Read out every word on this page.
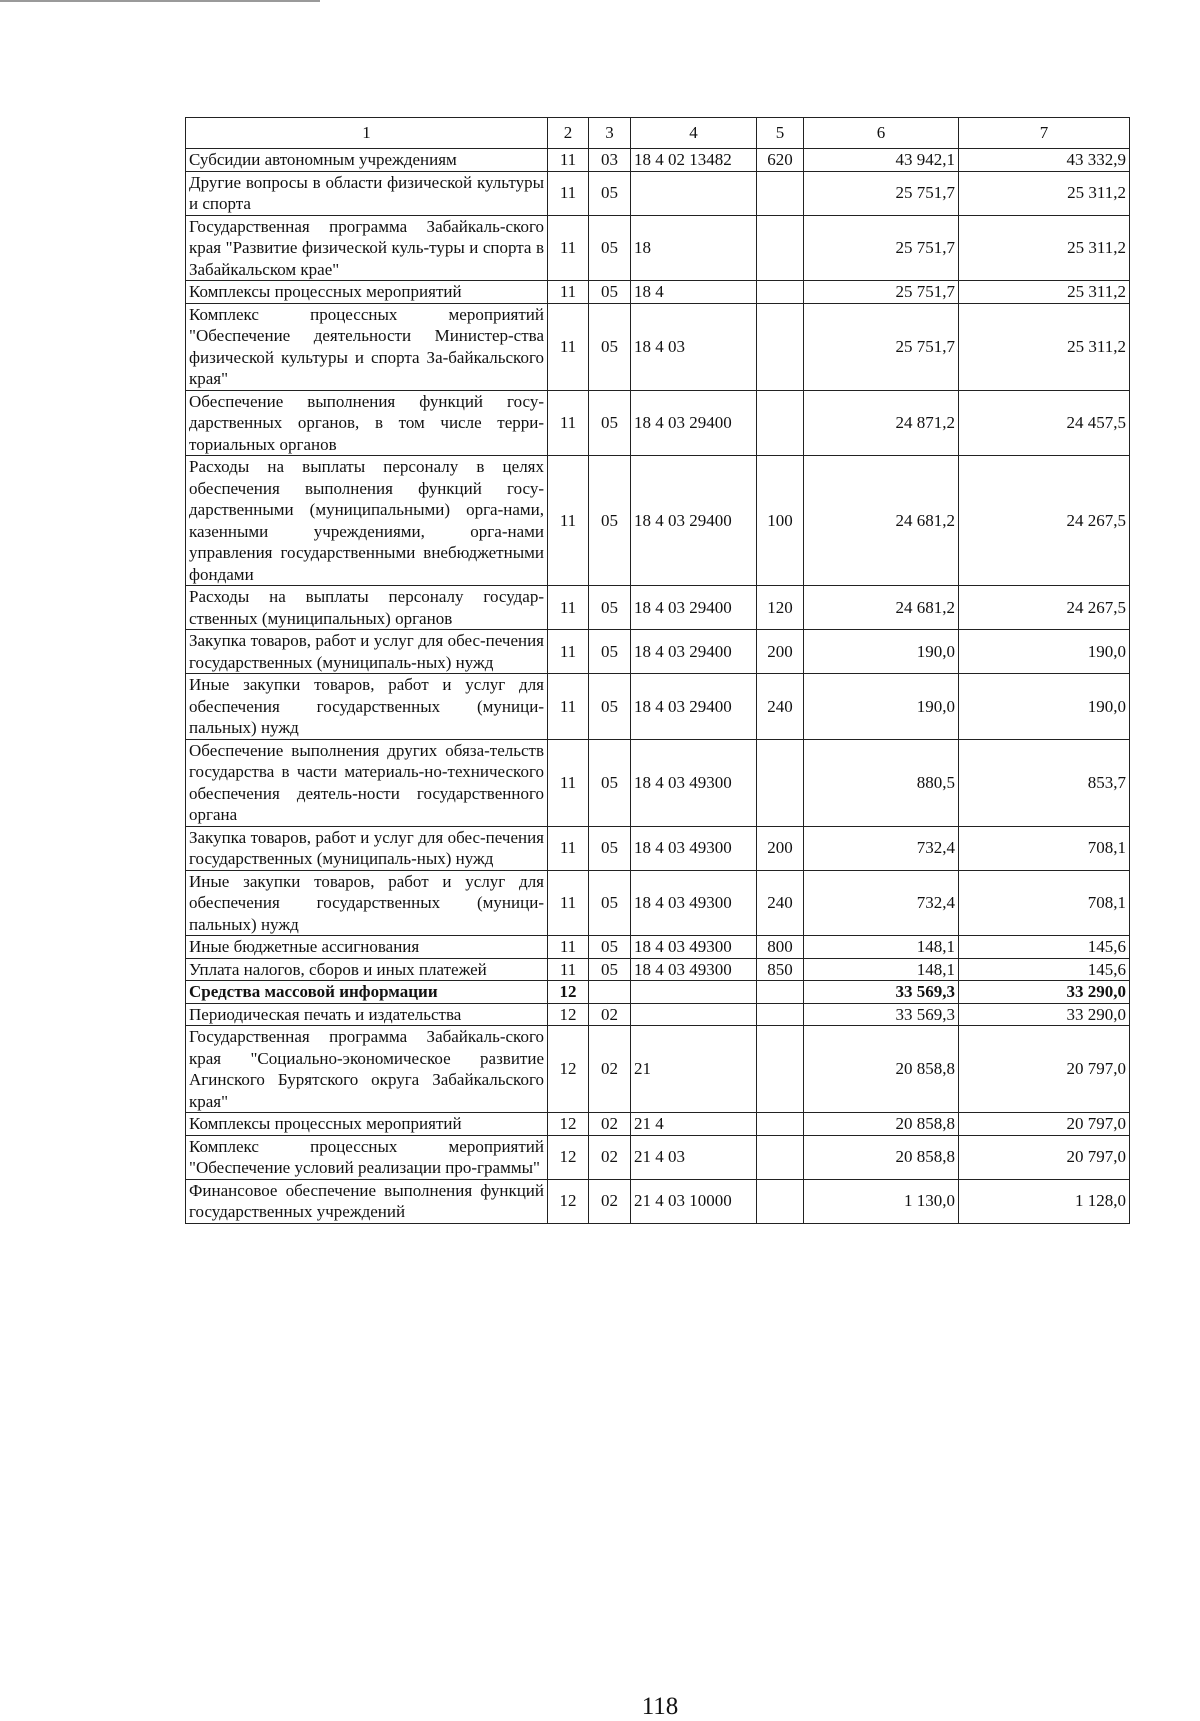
1	2	3	4	5	6	7
Субсидии автономным учреждениям	11	03	18 4 02 13482	620	43 942,1	43 332,9
Другие вопросы в области физической культуры и спорта	11	05			25 751,7	25 311,2
Государственная программа Забайкаль-ского края "Развитие физической куль-туры и спорта в Забайкальском крае"	11	05	18		25 751,7	25 311,2
Комплексы процессных мероприятий	11	05	18 4		25 751,7	25 311,2
Комплекс процессных мероприятий "Обеспечение деятельности Министер-ства физической культуры и спорта За-байкальского края"	11	05	18 4 03		25 751,7	25 311,2
Обеспечение выполнения функций госу-дарственных органов, в том числе терри-ториальных органов	11	05	18 4 03 29400		24 871,2	24 457,5
Расходы на выплаты персоналу в целях обеспечения выполнения функций госу-дарственными (муниципальными) орга-нами, казенными учреждениями, орга-нами управления государственными внебюджетными фондами	11	05	18 4 03 29400	100	24 681,2	24 267,5
Расходы на выплаты персоналу государ-ственных (муниципальных) органов	11	05	18 4 03 29400	120	24 681,2	24 267,5
Закупка товаров, работ и услуг для обес-печения государственных (муниципаль-ных) нужд	11	05	18 4 03 29400	200	190,0	190,0
Иные закупки товаров, работ и услуг для обеспечения государственных (муници-пальных) нужд	11	05	18 4 03 29400	240	190,0	190,0
Обеспечение выполнения других обяза-тельств государства в части материаль-но-технического обеспечения деятель-ности государственного органа	11	05	18 4 03 49300		880,5	853,7
Закупка товаров, работ и услуг для обес-печения государственных (муниципаль-ных) нужд	11	05	18 4 03 49300	200	732,4	708,1
Иные закупки товаров, работ и услуг для обеспечения государственных (муници-пальных) нужд	11	05	18 4 03 49300	240	732,4	708,1
Иные бюджетные ассигнования	11	05	18 4 03 49300	800	148,1	145,6
Уплата налогов, сборов и иных платежей	11	05	18 4 03 49300	850	148,1	145,6
Средства массовой информации	12				33 569,3	33 290,0
Периодическая печать и издательства	12	02			33 569,3	33 290,0
Государственная программа Забайкаль-ского края "Социально-экономическое развитие Агинского Бурятского округа Забайкальского края"	12	02	21		20 858,8	20 797,0
Комплексы процессных мероприятий	12	02	21 4		20 858,8	20 797,0
Комплекс процессных мероприятий "Обеспечение условий реализации про-граммы"	12	02	21 4 03		20 858,8	20 797,0
Финансовое обеспечение выполнения функций государственных учреждений	12	02	21 4 03 10000		1 130,0	1 128,0
118
